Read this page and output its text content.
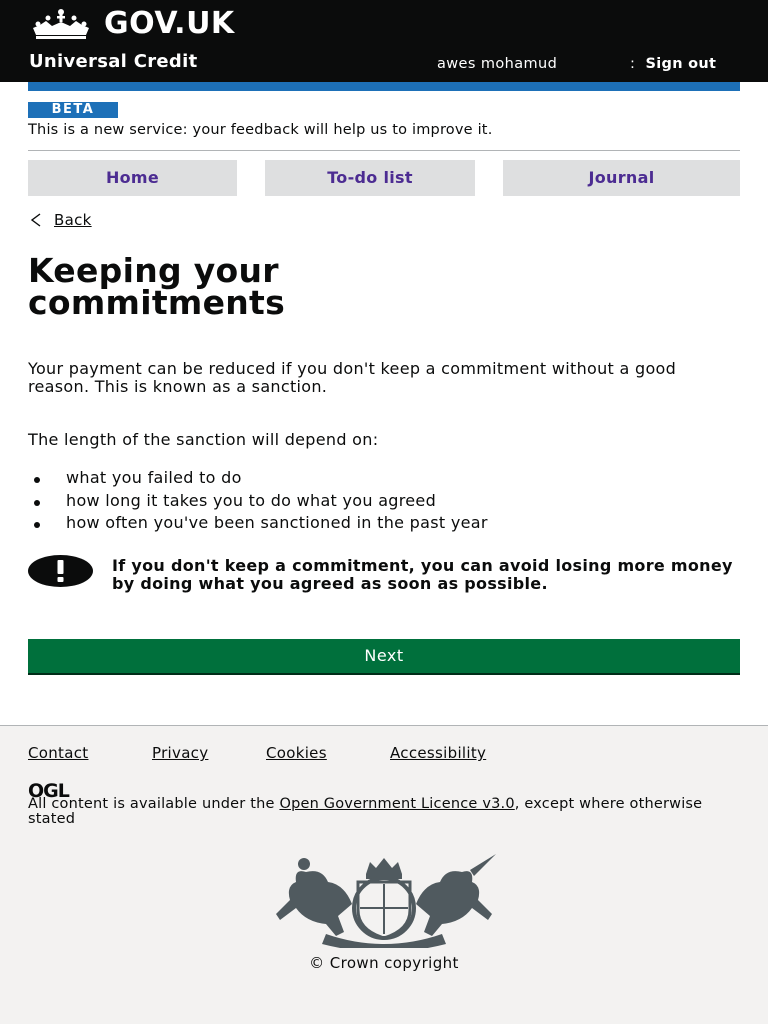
GOV.UK
Universal Credit	awes mohamud	: Sign out
BETA
This is a new service: your feedback will help us to improve it.
Home	To-do list	Journal
Back
Keeping your commitments

Your payment can be reduced if you don't keep a commitment without a good reason. This is known as a sanction.

The length of the sanction will depend on:

what you failed to do
how long it takes you to do what you agreed
how often you've been sanctioned in the past year
If you don't keep a commitment, you can avoid losing more money by doing what you agreed as soon as possible.
Next
Contact	Privacy	Cookies	Accessibility
OGL
All content is available under the Open Government Licence v3.0, except where otherwise stated
© Crown copyright
